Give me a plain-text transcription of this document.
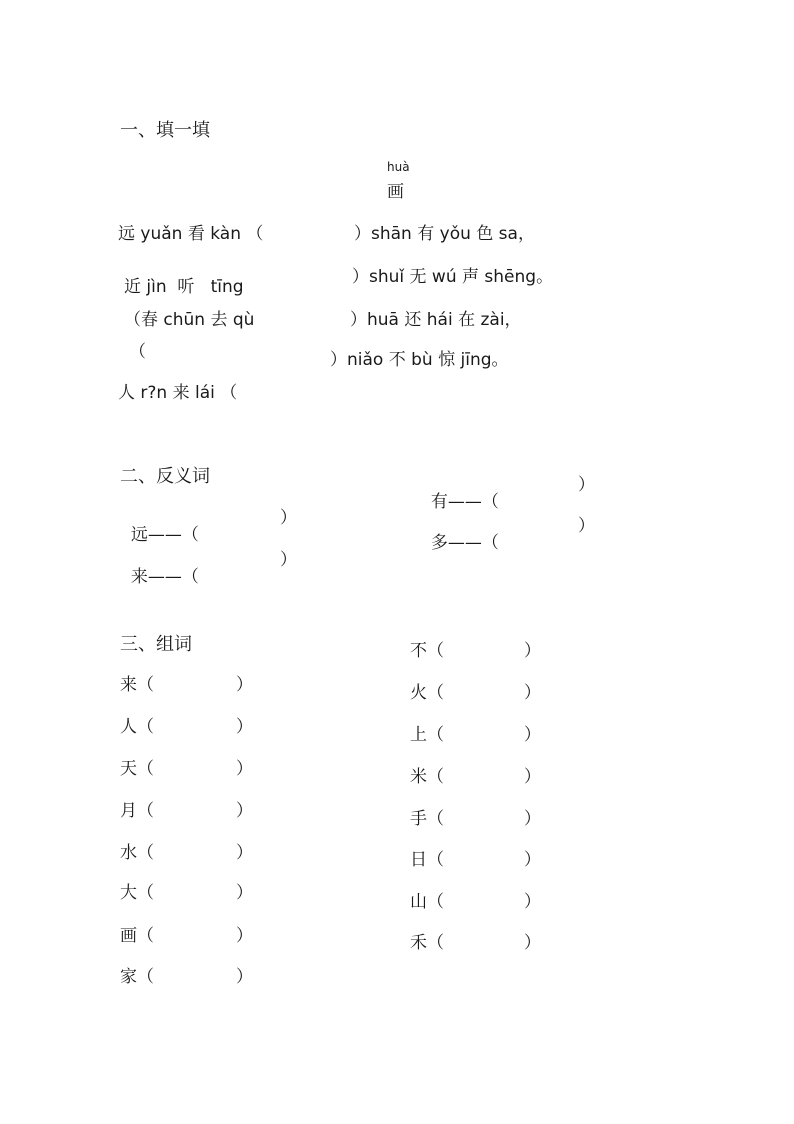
一、填一填
huà
画
远 yuǎn 看 kàn （	）shān 有 yǒu 色 sa，
近 jìn  听   tīng	）shuǐ 无 wú 声 shēng。
（春 chūn 去 qù	）huā 还 hái 在 zài，
（	）niǎo 不 bù 惊 jīng。
人 r?n 来 lái （
二、反义词

远——（

）

来——（

）

有——（

）

多——（

）
三、组词
来（	）
人（	）
天（	）
月（	）
水（	）
大（	）
画（	）
家（	）
不（	）
火（	）
上（	）
米（	）
手（	）
日（	）
山（	）
禾（	）
